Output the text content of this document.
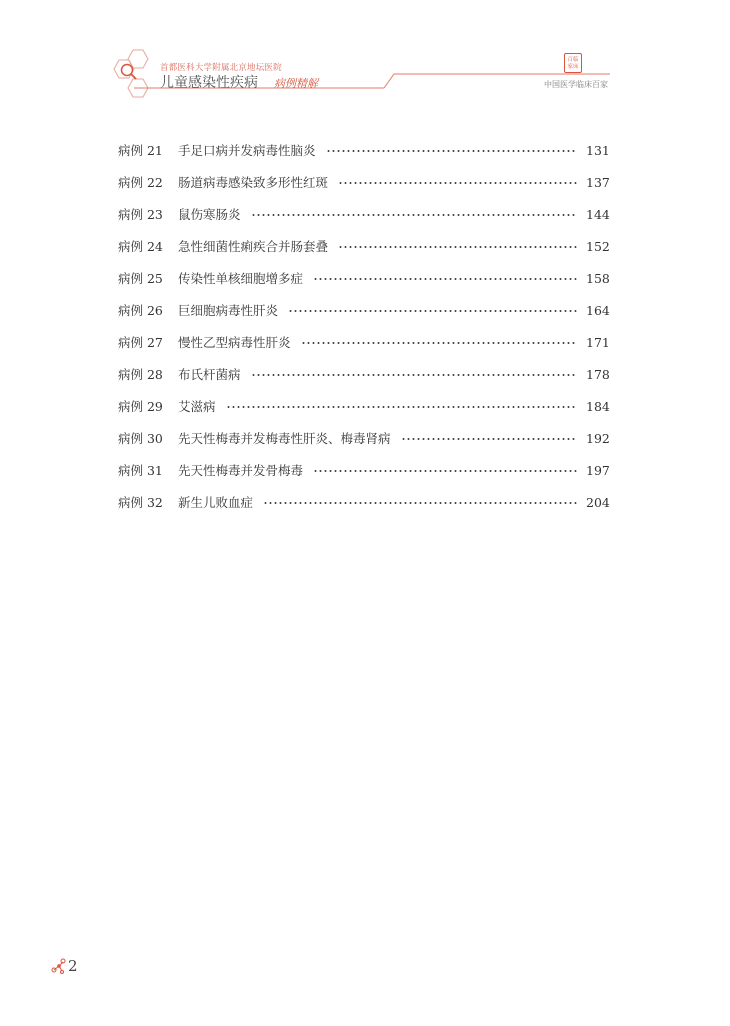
首都医科大学附属北京地坛医院
儿童感染性疾病 病例精解
百临
家床
中国医学临床百家
病例 21	手足口病并发病毒性脑炎	131
病例 22	肠道病毒感染致多形性红斑	137
病例 23	鼠伤寒肠炎	144
病例 24	急性细菌性痢疾合并肠套叠	152
病例 25	传染性单核细胞增多症	158
病例 26	巨细胞病毒性肝炎	164
病例 27	慢性乙型病毒性肝炎	171
病例 28	布氏杆菌病	178
病例 29	艾滋病	184
病例 30	先天性梅毒并发梅毒性肝炎、梅毒肾病	192
病例 31	先天性梅毒并发骨梅毒	197
病例 32	新生儿败血症	204
2
